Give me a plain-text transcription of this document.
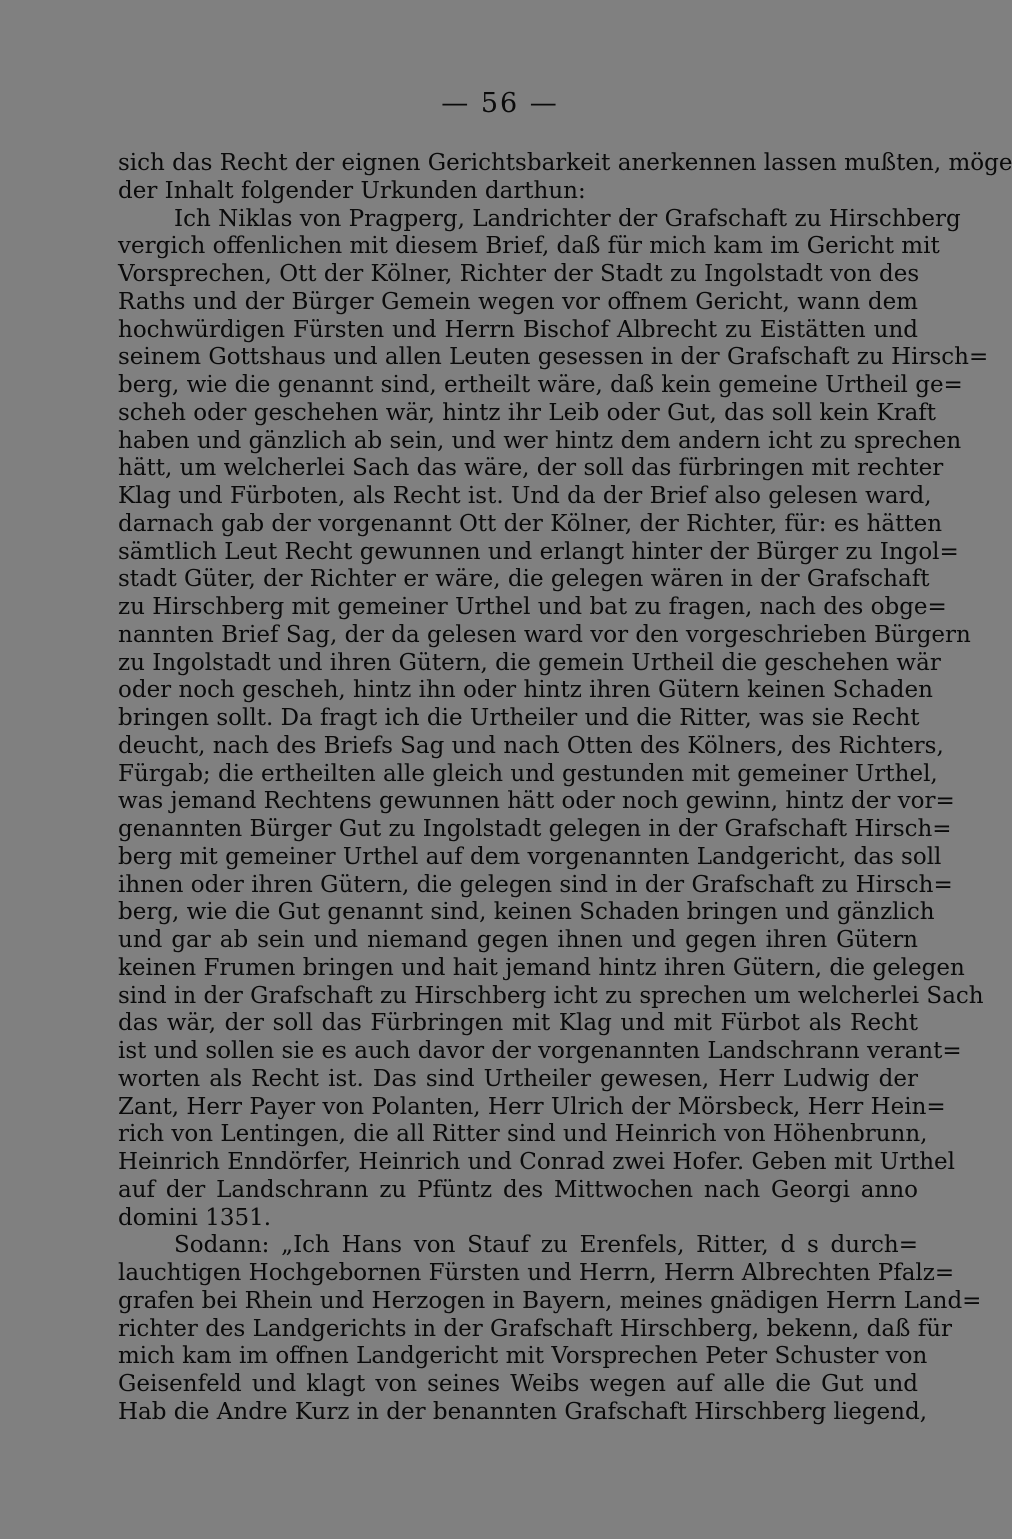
— 56 —
sich das Recht der eignen Gerichtsbarkeit anerkennen lassen mußten, möge
der Inhalt folgender Urkunden darthun:
Ich Niklas von Pragperg, Landrichter der Grafschaft zu Hirschberg
vergich offenlichen mit diesem Brief, daß für mich kam im Gericht mit
Vorsprechen, Ott der Kölner, Richter der Stadt zu Ingolstadt von des
Raths und der Bürger Gemein wegen vor offnem Gericht, wann dem
hochwürdigen Fürsten und Herrn Bischof Albrecht zu Eistätten und
seinem Gottshaus und allen Leuten gesessen in der Grafschaft zu Hirsch=
berg, wie die genannt sind, ertheilt wäre, daß kein gemeine Urtheil ge=
scheh oder geschehen wär, hintz ihr Leib oder Gut, das soll kein Kraft
haben und gänzlich ab sein, und wer hintz dem andern icht zu sprechen
hätt, um welcherlei Sach das wäre, der soll das fürbringen mit rechter
Klag und Fürboten, als Recht ist. Und da der Brief also gelesen ward,
darnach gab der vorgenannt Ott der Kölner, der Richter, für: es hätten
sämtlich Leut Recht gewunnen und erlangt hinter der Bürger zu Ingol=
stadt Güter, der Richter er wäre, die gelegen wären in der Grafschaft
zu Hirschberg mit gemeiner Urthel und bat zu fragen, nach des obge=
nannten Brief Sag, der da gelesen ward vor den vorgeschrieben Bürgern
zu Ingolstadt und ihren Gütern, die gemein Urtheil die geschehen wär
oder noch gescheh, hintz ihn oder hintz ihren Gütern keinen Schaden
bringen sollt. Da fragt ich die Urtheiler und die Ritter, was sie Recht
deucht, nach des Briefs Sag und nach Otten des Kölners, des Richters,
Fürgab; die ertheilten alle gleich und gestunden mit gemeiner Urthel,
was jemand Rechtens gewunnen hätt oder noch gewinn, hintz der vor=
genannten Bürger Gut zu Ingolstadt gelegen in der Grafschaft Hirsch=
berg mit gemeiner Urthel auf dem vorgenannten Landgericht, das soll
ihnen oder ihren Gütern, die gelegen sind in der Grafschaft zu Hirsch=
berg, wie die Gut genannt sind, keinen Schaden bringen und gänzlich
und gar ab sein und niemand gegen ihnen und gegen ihren Gütern
keinen Frumen bringen und hait jemand hintz ihren Gütern, die gelegen
sind in der Grafschaft zu Hirschberg icht zu sprechen um welcherlei Sach
das wär, der soll das Fürbringen mit Klag und mit Fürbot als Recht
ist und sollen sie es auch davor der vorgenannten Landschrann verant=
worten als Recht ist. Das sind Urtheiler gewesen, Herr Ludwig der
Zant, Herr Payer von Polanten, Herr Ulrich der Mörsbeck, Herr Hein=
rich von Lentingen, die all Ritter sind und Heinrich von Höhenbrunn,
Heinrich Enndörfer, Heinrich und Conrad zwei Hofer. Geben mit Urthel
auf der Landschrann zu Pfüntz des Mittwochen nach Georgi anno
domini 1351.
Sodann: „Ich Hans von Stauf zu Erenfels, Ritter, d s durch=
lauchtigen Hochgebornen Fürsten und Herrn, Herrn Albrechten Pfalz=
grafen bei Rhein und Herzogen in Bayern, meines gnädigen Herrn Land=
richter des Landgerichts in der Grafschaft Hirschberg, bekenn, daß für
mich kam im offnen Landgericht mit Vorsprechen Peter Schuster von
Geisenfeld und klagt von seines Weibs wegen auf alle die Gut und
Hab die Andre Kurz in der benannten Grafschaft Hirschberg liegend,
